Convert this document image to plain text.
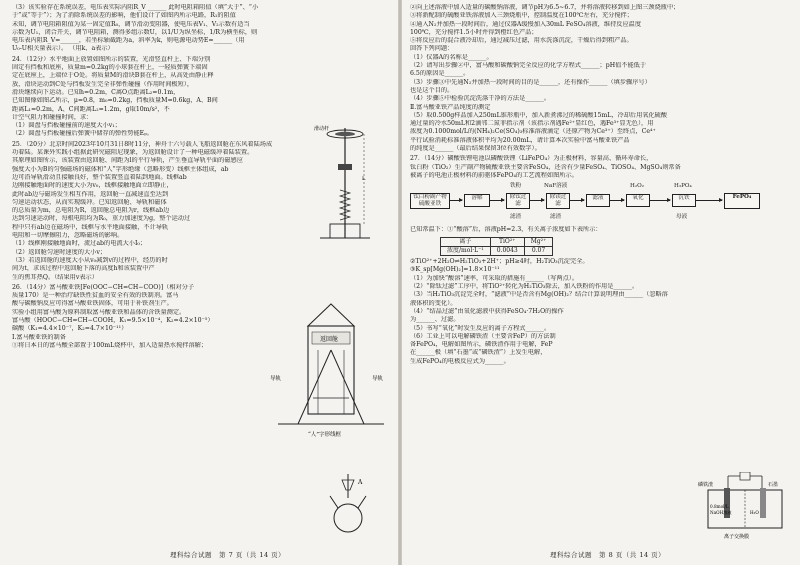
（3）该实验存在系统误差，电压表实际内阻R_V ______ 此时电阻箱阻值（填“大于”、“小
于”或“等于”）；为了消除系统误差的影响，他们设计了如图丙所示电路，R₁的阻值
未知，调节电阻箱阻值为某一固定值R₀，调节滑动变阻器，使电压表V₁、V₂示数有适当
示数为U₁，闭合开关，调节电阻箱，测得多组示数U，以1/U为纵坐标，1/R为横坐标，则
电压表内阻R_V=______，若坐标轴截距为a，斜率为k，则电源电动势E=______（用
U₀-U相关量表示）。 （用k、a表示）
24．（12分）水平地面上放置如图所示的装置，光滑竖直杆上、下端分别
固定有挡板和底座，质量m=0.2kg的小球套在杆上，一轻质弹簧下端固
定在底座上，上端位于O处。将质量M的滑块B套在杆上，从高处由静止释
放，滑块运动到C处与挡板发生完全非弹性碰撞（作用时间极短），
滑块继续向下运动。已知h=0.2m，C离O点距离L₂=0.1m，
已知图像如图乙所示，μ=0.8，m₀=0.2kg，挡板质量M=0.6kg，A、B间
距离L₁=0.2m，A、C间距离L₂=1.2m，g取10m/s²，不
计空气阻力和碰撞时间，求：
（1）圆盘与挡板碰撞前的速度大小v₁；
（2）圆盘与挡板碰撞后弹簧中储存的弹性势能Eₚ。
25．（20分）北京时间2023年10月31日8时11分，神舟十六号载人飞船返回舱在东风着陆场成
功着陆。某课外实践小组据此研究磁阻尼现象，为返回舱设计了一种电磁缓冲着陆装置。
其原理如图所示，该装置由返回舱、间距为l的平行导轨，产生垂直导轨平面的磁感应
强度大小为B的匀强磁场的磁体和“人”字形绝缘（忽略形变）线框主体组成，ab
边可沿导轨滑动且接触良好，整个装置竖直着陆到地面。线框ab
边刚接触地面时的速度大小为v₀，线框接触地面立即静止，
此时ab边与磁场发生相互作用，返回舱一直减速直至达到
匀速运动状态，从而实现缓冲。已知返回舱、导轨和磁体
的总质量为m，总电阻为R，返回舱总电阻为r，线框ab边
达到匀速运动时，每根电阻均为R₀，重力加速度为g，整个运动过
程中只有ab边在磁场中，线框与水平地面接触，不计导轨
电阻和一切摩擦阻力，忽略磁场的影响。
（1）线框刚接触地面时，流过ab的电流大小I₀；
（2）返回舱匀速时速度的大小v；
（3）若返回舱的速度大小从v₀减到v的过程中，经历的时
间为t，求该过程中返回舱下落的高度h和该装置中产
生的焦耳热Q。（结果用v表示）
26．（14分）富马酸亚铁[Fe(OOC−CH=CH−COO)]（相对分子
质量170）是一种治疗缺铁性贫血的安全有效的铁制剂。富马
酸与碳酸钠反应可得富马酸亚铁固体，可用于补铁剂生产。
实验小组用富马酸为原料制取富马酸亚铁和晶体的含铁量测定。
富马酸（HOOC−CH=CH−COOH，K₁=9.5×10⁻⁴，K₂=4.2×10⁻⁵）
碳酸（K₁=4.4×10⁻⁷，K₂=4.7×10⁻¹¹）
Ⅰ.富马酸亚铁的制备
①将日本日的富马酸全部置于100mL烧杯中，加入适量热水搅拌溶解；
L
滑动杆
返回舱
导轨	导轨
“人”字形线框
A
理科综合试题　第 7 页（共 14 页）
②向上述溶液中加入适量的碳酸钠溶液，调节pH为6.5~6.7，并将溶液转移到如上图三颈烧瓶中；
③将新配制的硫酸亚铁溶液加入三颈烧瓶中，控制温度在100℃左右，充分搅拌；
④通入N₂并加热一段时间后，通过仪器A缓慢加入30mL FeSO₄溶液，维持反应温度
100℃，充分搅拌1.5小时并得到橙红色产品；
⑤将反应后的混合液冷却后，通过减压过滤，用水洗涤沉淀，干燥后得到粗产品。
回答下列问题：
（1）仪器A的名称是______。
（2）请写出步骤②中，富马酸和碳酸钠完全反应的化学方程式______；pH值不能低于
6.5的原因是______。
（3）步骤③中先通N₂并加热一段时间的目的是______，还有操作______（填步骤序号）
也是这个目的。
（4）步骤⑤中检验沉淀洗涤干净的方法是______。
Ⅱ.富马酸亚铁产品纯度的测定
（5）取0.500g样品加入250mL锥形瓶中，加入新煮沸过的稀硫酸15mL，冷却后用氧化硫酸
通过量的冷水50mL和2滴邻二氮菲指示剂（该指示剂遇Fe²⁺显红色，遇Fe³⁺显无色），用
浓度为0.1000mol/L的(NH₄)₂Ce(SO₄)₃标准溶液滴定（还原产物为Ce³⁺）至终点，Ce⁴⁺
平行试验消耗标准溶液体积平均为20.00mL，请计算本次实验中富马酸亚铁产品
的纯度是______（最后结果保留3位有效数字）。
27．（14分）磷酸铁锂电池以磷酸铁锂（LiFePO₄）为正极材料，容量高、循环寿命长，
钛白粉（TiO₂）生产副产物硫酸亚铁主要含FeSO₄，还含有少量FeSO₄、TiOSO₄、MgSO₄则常备
被离子的电池正极材料的前驱体FePO₄的工艺流程如图所示。
钛白粉副产物硫酸亚铁
溶解	除钛过滤
除镁过滤
滤液	氧化	沉铁	FePO₄
铁粉	NaF溶液	H₂O₂	H₃PO₄
滤渣	滤渣	母液
已知常温下：①“酸溶”后，溶液pH=2.3，有关离子浓度如下表所示：
离子	TiO²⁺	Mg²⁺
浓度/mol·L⁻¹	0.0043	0.07
②TiO²⁺+2H₂O⇌H₂TiO₃+2H⁺；pH≥4时，H₂TiO₃沉淀完全。
③K_sp[Mg(OH)₂]=1.8×10⁻¹¹
（1）为加快“酸溶”速率，可采取的措施有______（写两点）。
（2）“除钛过滤”工序中，将TiO²⁺转化为H₂TiO₃除去，加入铁粉的作用是______。
（3）当H₂TiO₃沉淀完全时，“滤液”中是否含有Mg(OH)₂？结合计算说明理由______（忽略溶
液体积的变化）。
（4）“结晶过滤”由氧化滤液中获得FeSO₄·7H₂O的操作
为______、过滤。
（5）书写“氧化”时发生反应的离子方程式______。
（6）工业上可以电解磷铁渣（主要含FeP）的方法制
备FePO₄，电解如图所示，磷铁渣作用于电解，FeP
在______极（填“石墨”或“磷铁渣”）上发生电解，
生成FePO₄的电极反应式为______。
磷铁渣	石墨
0.8mol/L
NaOH溶液	H₂O
离子交换膜
理科综合试题　第 8 页（共 14 页）
